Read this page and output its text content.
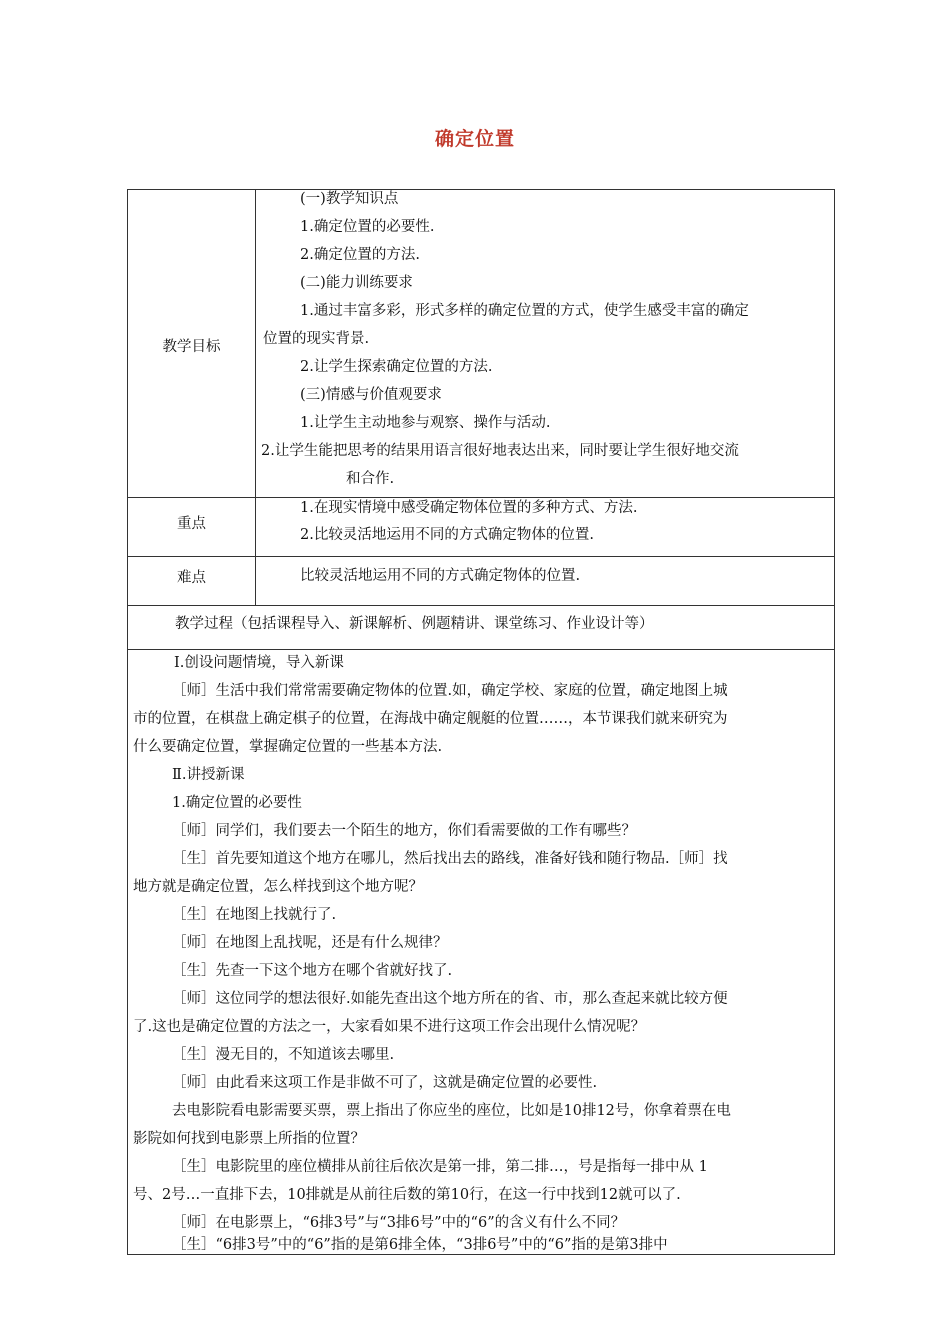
确定位置
教学目标
(一)教学知识点
1.确定位置的必要性.
2.确定位置的方法.
(二)能力训练要求
1.通过丰富多彩，形式多样的确定位置的方式，使学生感受丰富的确定
位置的现实背景.
2.让学生探索确定位置的方法.
(三)情感与价值观要求
1.让学生主动地参与观察、操作与活动.
2.让学生能把思考的结果用语言很好地表达出来，同时要让学生很好地交流
和合作.
重点
1.在现实情境中感受确定物体位置的多种方式、方法.
2.比较灵活地运用不同的方式确定物体的位置.
难点	比较灵活地运用不同的方式确定物体的位置.
教学过程（包括课程导入、新课解析、例题精讲、课堂练习、作业设计等）
Ⅰ.创设问题情境，导入新课
［师］生活中我们常常需要确定物体的位置.如，确定学校、家庭的位置，确定地图上城
市的位置，在棋盘上确定棋子的位置，在海战中确定舰艇的位置……，本节课我们就来研究为
什么要确定位置，掌握确定位置的一些基本方法.
Ⅱ.讲授新课
1.确定位置的必要性
［师］同学们，我们要去一个陌生的地方，你们看需要做的工作有哪些？
［生］首先要知道这个地方在哪儿，然后找出去的路线，准备好钱和随行物品.［师］找
地方就是确定位置，怎么样找到这个地方呢？
［生］在地图上找就行了.
［师］在地图上乱找呢，还是有什么规律？
［生］先查一下这个地方在哪个省就好找了.
［师］这位同学的想法很好.如能先查出这个地方所在的省、市，那么查起来就比较方便
了.这也是确定位置的方法之一，大家看如果不进行这项工作会出现什么情况呢？
［生］漫无目的，不知道该去哪里.
［师］由此看来这项工作是非做不可了，这就是确定位置的必要性.
去电影院看电影需要买票，票上指出了你应坐的座位，比如是10排12号，你拿着票在电
影院如何找到电影票上所指的位置？
［生］电影院里的座位横排从前往后依次是第一排，第二排…，号是指每一排中从 1
号、2号…一直排下去，10排就是从前往后数的第10行，在这一行中找到12就可以了.
［师］在电影票上，“6排3号”与“3排6号”中的“6”的含义有什么不同？
［生］“6排3号”中的“6”指的是第6排全体，“3排6号”中的“6”指的是第3排中
